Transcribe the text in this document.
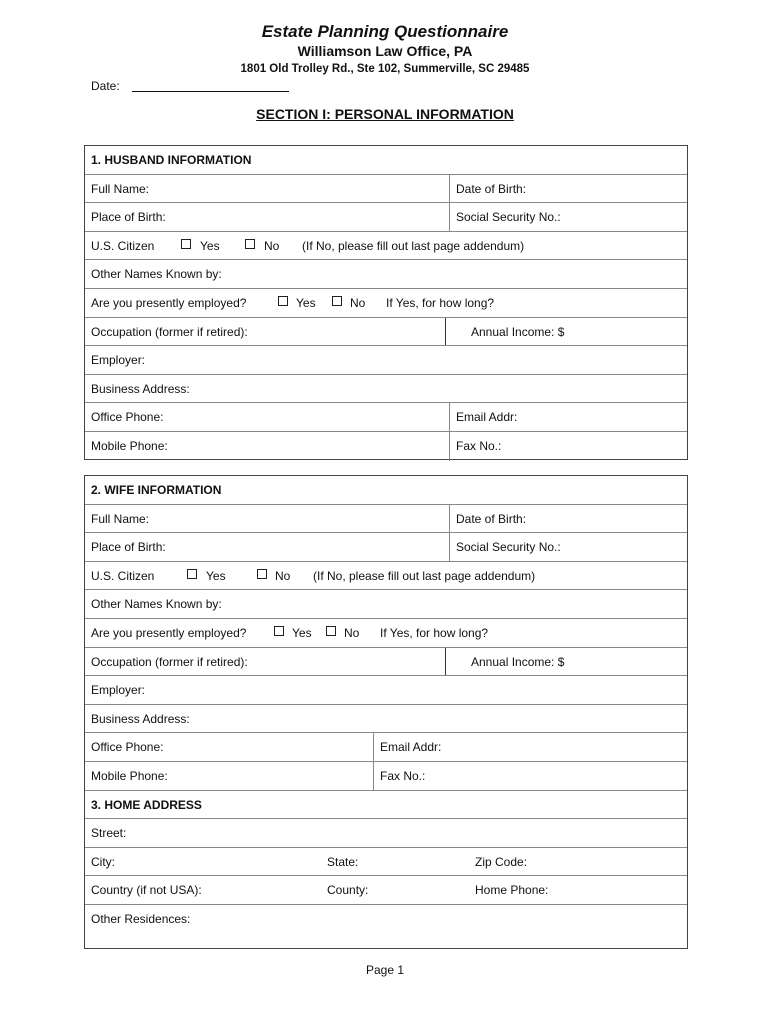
Estate Planning Questionnaire
Williamson Law Office, PA
1801 Old Trolley Rd., Ste 102, Summerville, SC 29485
Date:
SECTION I: PERSONAL INFORMATION
1. HUSBAND INFORMATION
Full Name:	Date of Birth:
Place of Birth:	Social Security No.:
U.S. Citizen	Yes	No (If No, please fill out last page addendum)
Other Names Known by:
Are you presently employed?	Yes	No If Yes, for how long?
Occupation (former if retired):	Annual Income: $
Employer:
Business Address:
Office Phone:	Email Addr:
Mobile Phone:	Fax No.:
2. WIFE INFORMATION
Full Name:	Date of Birth:
Place of Birth:	Social Security No.:
U.S. Citizen	Yes	No (If No, please fill out last page addendum)
Other Names Known by:
Are you presently employed?	Yes	No If Yes, for how long?
Occupation (former if retired):	Annual Income: $
Employer:
Business Address:
Office Phone:	Email Addr:
Mobile Phone:	Fax No.:
3. HOME ADDRESS
Street:
City:	State:	Zip Code:
Country (if not USA):	County:	Home Phone:
Other Residences:
Page 1
